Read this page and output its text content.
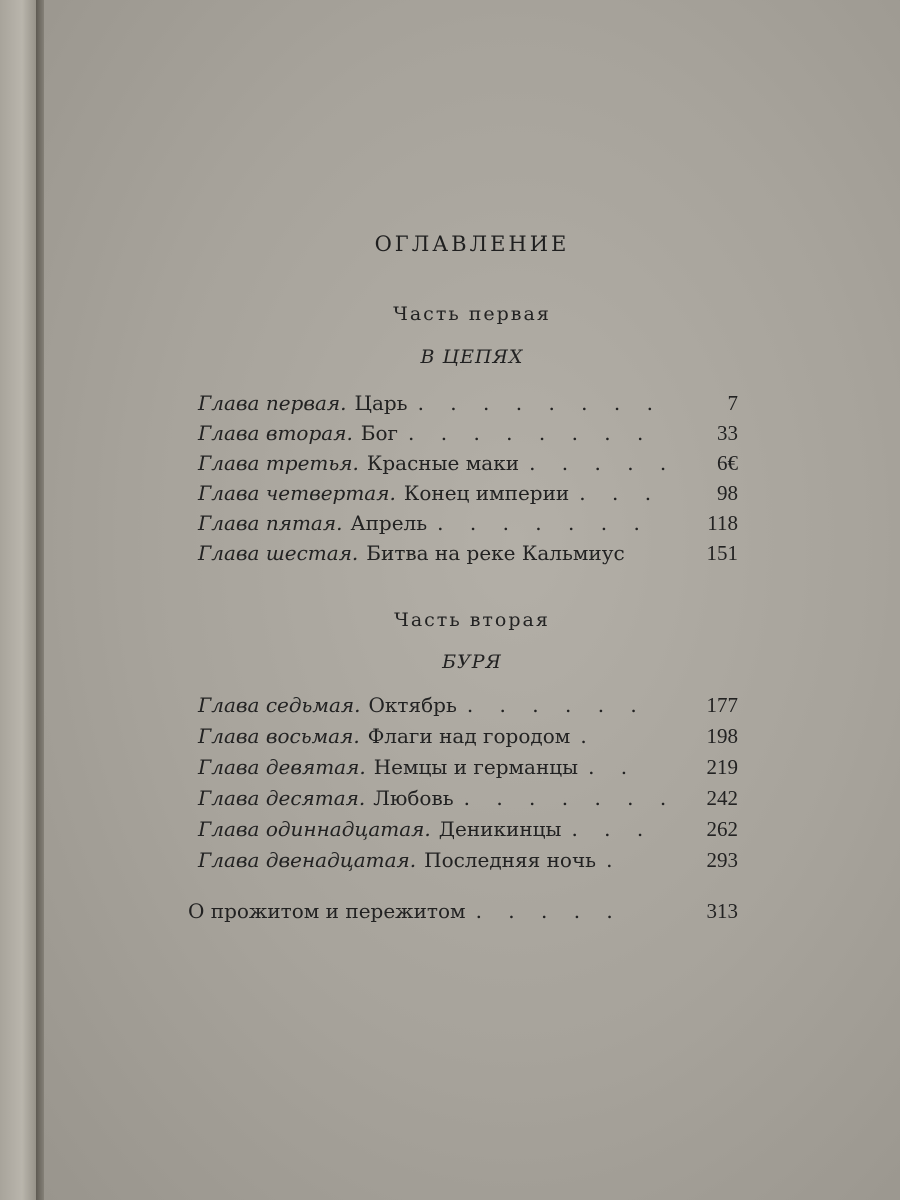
ОГЛАВЛЕНИЕ
Часть первая
В ЦЕПЯХ
Глава первая. Царь . . . . . . . .	7
Глава вторая. Бог . . . . . . . .	33
Глава третья. Красные маки . . . . . 6€
Глава четвертая. Конец империи . . .	98
Глава пятая. Апрель . . . . . . .	118
Глава шестая. Битва на реке Кальмиус	151
Часть вторая
БУРЯ
Глава седьмая. Октябрь . . . . . .	177
Глава восьмая. Флаги над городом .	198
Глава девятая. Немцы и германцы . .	219
Глава десятая. Любовь . . . . . . . 242
Глава одиннадцатая. Деникинцы . . .	262
Глава двенадцатая. Последняя ночь .	293
О прожитом и пережитом . . . . .	313
